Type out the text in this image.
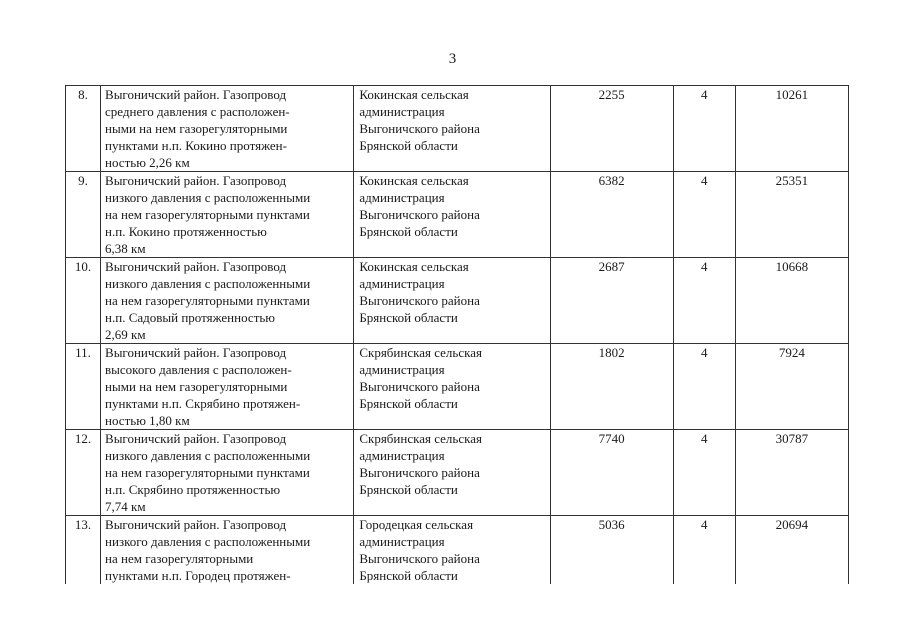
3
8.	Выгоничский район. Газопровод
среднего давления с расположен-
ными на нем газорегуляторными
пунктами н.п. Кокино протяжен-
ностью 2,26 км	Кокинская сельская
администрация
Выгоничского района
Брянской области	2255	4	10261
9.	Выгоничский район. Газопровод
низкого давления с расположенными
на нем газорегуляторными пунктами
н.п. Кокино протяженностью
6,38 км	Кокинская сельская
администрация
Выгоничского района
Брянской области	6382	4	25351
10.	Выгоничский район. Газопровод
низкого давления с расположенными
на нем газорегуляторными пунктами
н.п. Садовый протяженностью
2,69 км	Кокинская сельская
администрация
Выгоничского района
Брянской области	2687	4	10668
11.	Выгоничский район. Газопровод
высокого давления с расположен-
ными на нем газорегуляторными
пунктами н.п. Скрябино протяжен-
ностью 1,80 км	Скрябинская сельская
администрация
Выгоничского района
Брянской области	1802	4	7924
12.	Выгоничский район. Газопровод
низкого давления с расположенными
на нем газорегуляторными пунктами
н.п. Скрябино протяженностью
7,74 км	Скрябинская сельская
администрация
Выгоничского района
Брянской области	7740	4	30787
13.	Выгоничский район. Газопровод
низкого давления с расположенными
на нем газорегуляторными
пунктами н.п. Городец протяжен-	Городецкая сельская
администрация
Выгоничского района
Брянской области	5036	4	20694
